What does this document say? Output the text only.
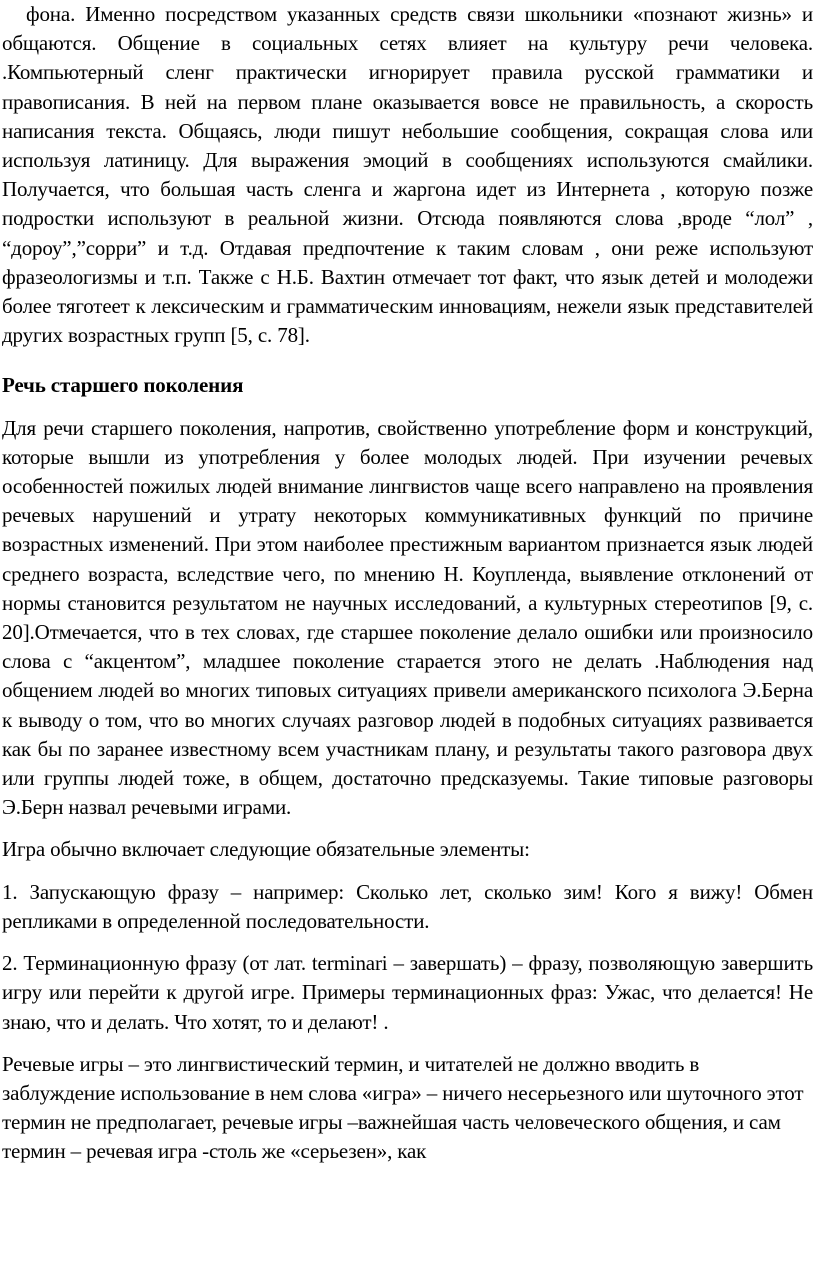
фона. Именно посредством указанных средств связи школьники «познают жизнь» и общаются. Общение в социальных сетях влияет на культуру речи человека. .Компьютерный сленг практически игнорирует правила русской грамматики и правописания. В ней на первом плане оказывается вовсе не правильность, а скорость написания текста. Общаясь, люди пишут небольшие сообщения, сокращая слова или используя латиницу. Для выражения эмоций в сообщениях используются смайлики. Получается, что большая часть сленга и жаргона идет из Интернета , которую позже подростки используют в реальной жизни. Отсюда появляются слова ,вроде “лол” , “дороу”,”сорри” и т.д. Отдавая предпочтение к таким словам , они реже используют фразеологизмы и т.п. Также с Н.Б. Вахтин отмечает тот факт, что язык детей и молодежи более тяготеет к лексическим и грамматическим инновациям, нежели язык представителей других возрастных групп [5, с. 78].

Речь старшего поколения

Для речи старшего поколения, напротив, свойственно употребление форм и конструкций, которые вышли из употребления у более молодых людей. При изучении речевых особенностей пожилых людей внимание лингвистов чаще всего направлено на проявления речевых нарушений и утрату некоторых коммуникативных функций по причине возрастных изменений. При этом наиболее престижным вариантом признается язык людей среднего возраста, вследствие чего, по мнению Н. Коупленда, выявление отклонений от нормы становится результатом не научных исследований, а культурных стереотипов [9, с. 20].Отмечается, что в тех словах, где старшее поколение делало ошибки или произносило слова с “акцентом”, младшее поколение старается этого не делать .Наблюдения над общением людей во многих типовых ситуациях привели американского психолога Э.Берна к выводу о том, что во многих случаях разговор людей в подобных ситуациях развивается как бы по заранее известному всем участникам плану, и результаты такого разговора двух или группы людей тоже, в общем, достаточно предсказуемы. Такие типовые разговоры Э.Берн назвал речевыми играми.

Игра обычно включает следующие обязательные элементы:

1. Запускающую фразу – например: Сколько лет, сколько зим! Кого я вижу! Обмен репликами в определенной последовательности.

2. Терминационную фразу (от лат. terminari – завершать) – фразу, позволяющую завершить игру или перейти к другой игре. Примеры терминационных фраз: Ужас, что делается! Не знаю, что и делать. Что хотят, то и делают! .

Речевые игры – это лингвистический термин, и читателей не должно вводить в заблуждение использование в нем слова «игра» – ничего несерьезного или шуточного этот термин не предполагает, речевые игры –важнейшая часть человеческого общения, и сам термин – речевая игра -столь же «серьезен», как
